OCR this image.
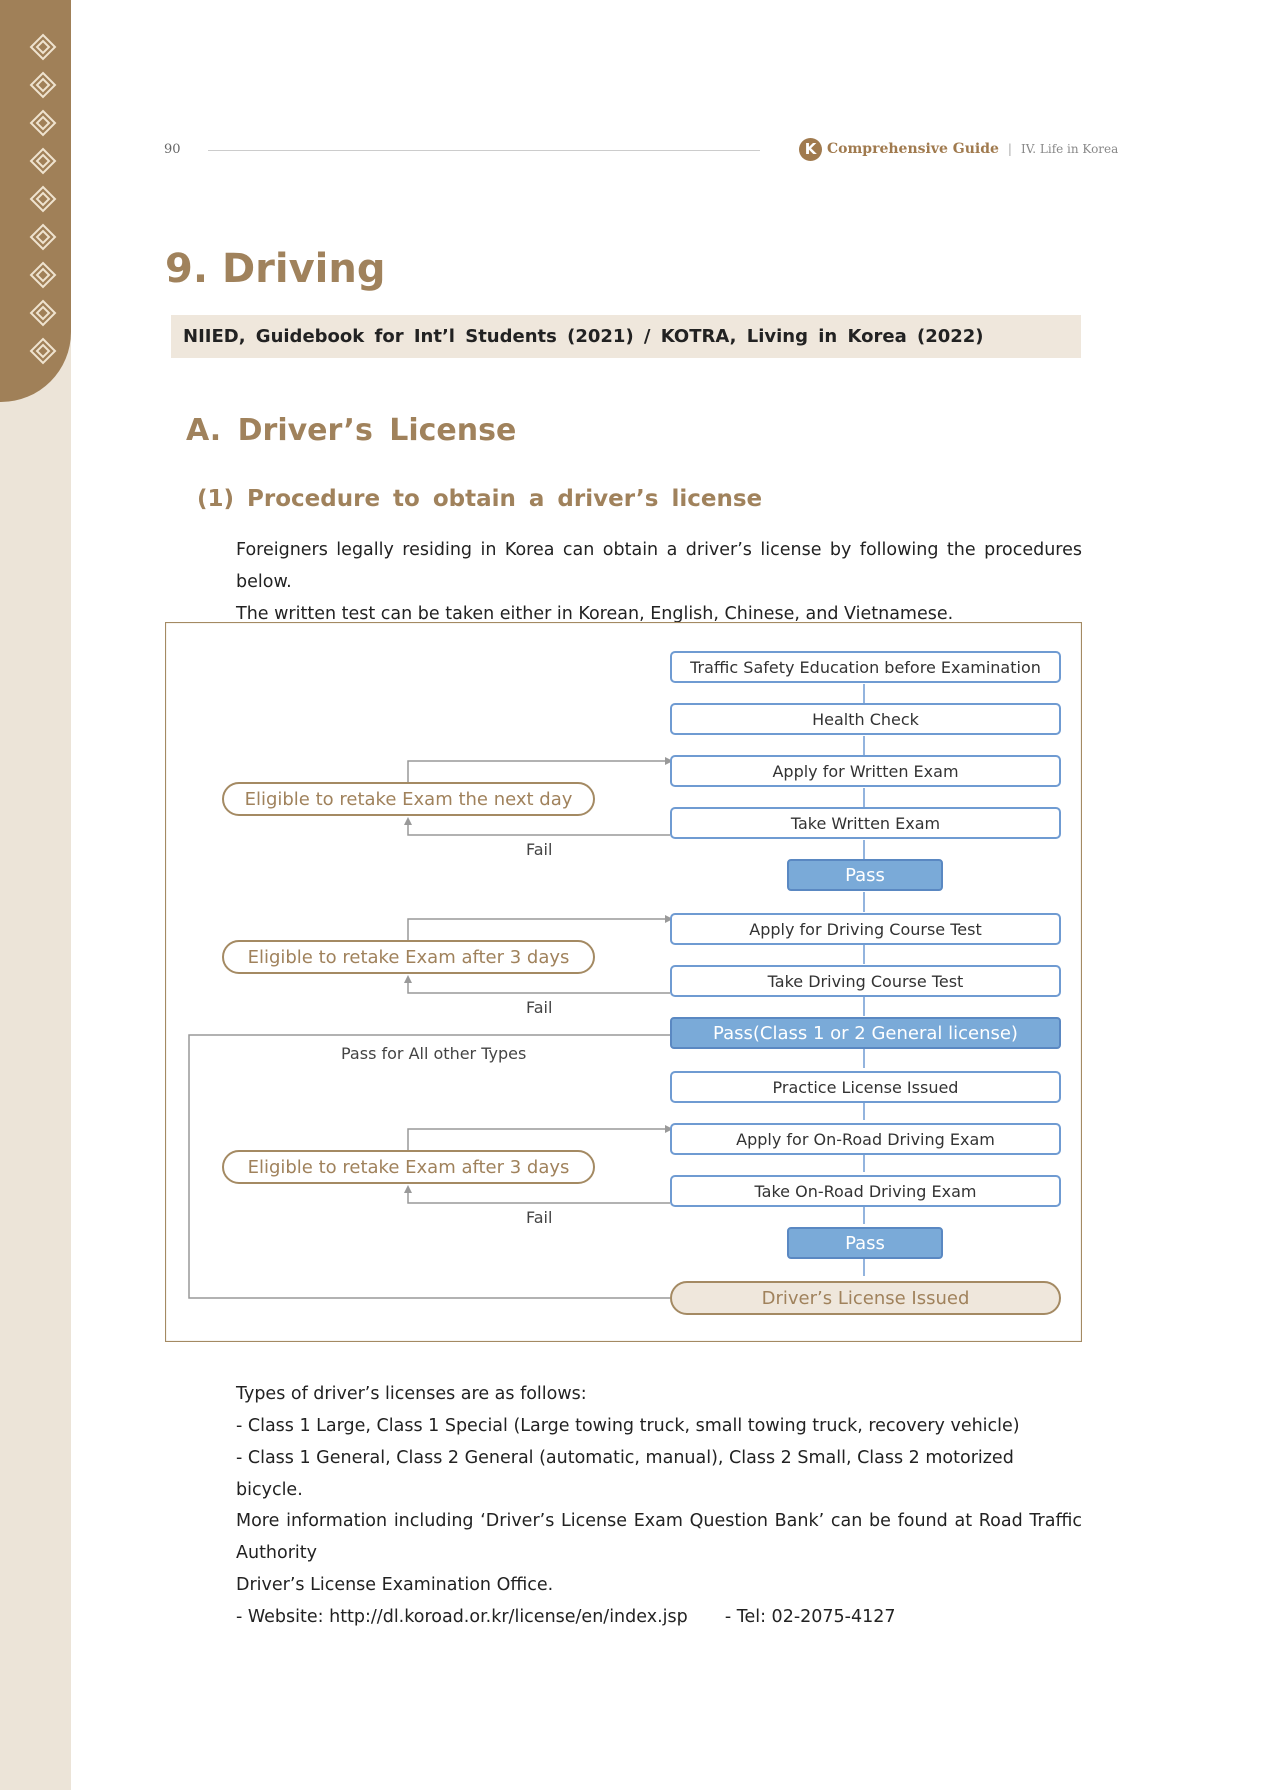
90	K Comprehensive Guide | IV. Life in Korea
9. Driving
NIIED, Guidebook for Int’l Students (2021) / KOTRA, Living in Korea (2022)
A. Driver’s License
(1) Procedure to obtain a driver’s license

Foreigners legally residing in Korea can obtain a driver’s license by following the procedures below.

The written test can be taken either in Korean, English, Chinese, and Vietnamese.

Traffic Safety Education before Examination
Health Check
Apply for Written Exam
Take Written Exam
Pass
Apply for Driving Course Test
Take Driving Course Test
Pass(Class 1 or 2 General license)
Practice License Issued
Apply for On-Road Driving Exam
Take On-Road Driving Exam
Pass
Driver’s License Issued
Eligible to retake Exam the next day
Eligible to retake Exam after 3 days
Eligible to retake Exam after 3 days
Fail
Fail
Fail
Pass for All other Types

Types of driver’s licenses are as follows:

- Class 1 Large, Class 1 Special (Large towing truck, small towing truck, recovery vehicle)

- Class 1 General, Class 2 General (automatic, manual), Class 2 Small, Class 2 motorized bicycle.

More information including ‘Driver’s License Exam Question Bank’ can be found at Road Traffic Authority

Driver’s License Examination Office.

- Website: http://dl.koroad.or.kr/license/en/index.jsp - Tel: 02-2075-4127
